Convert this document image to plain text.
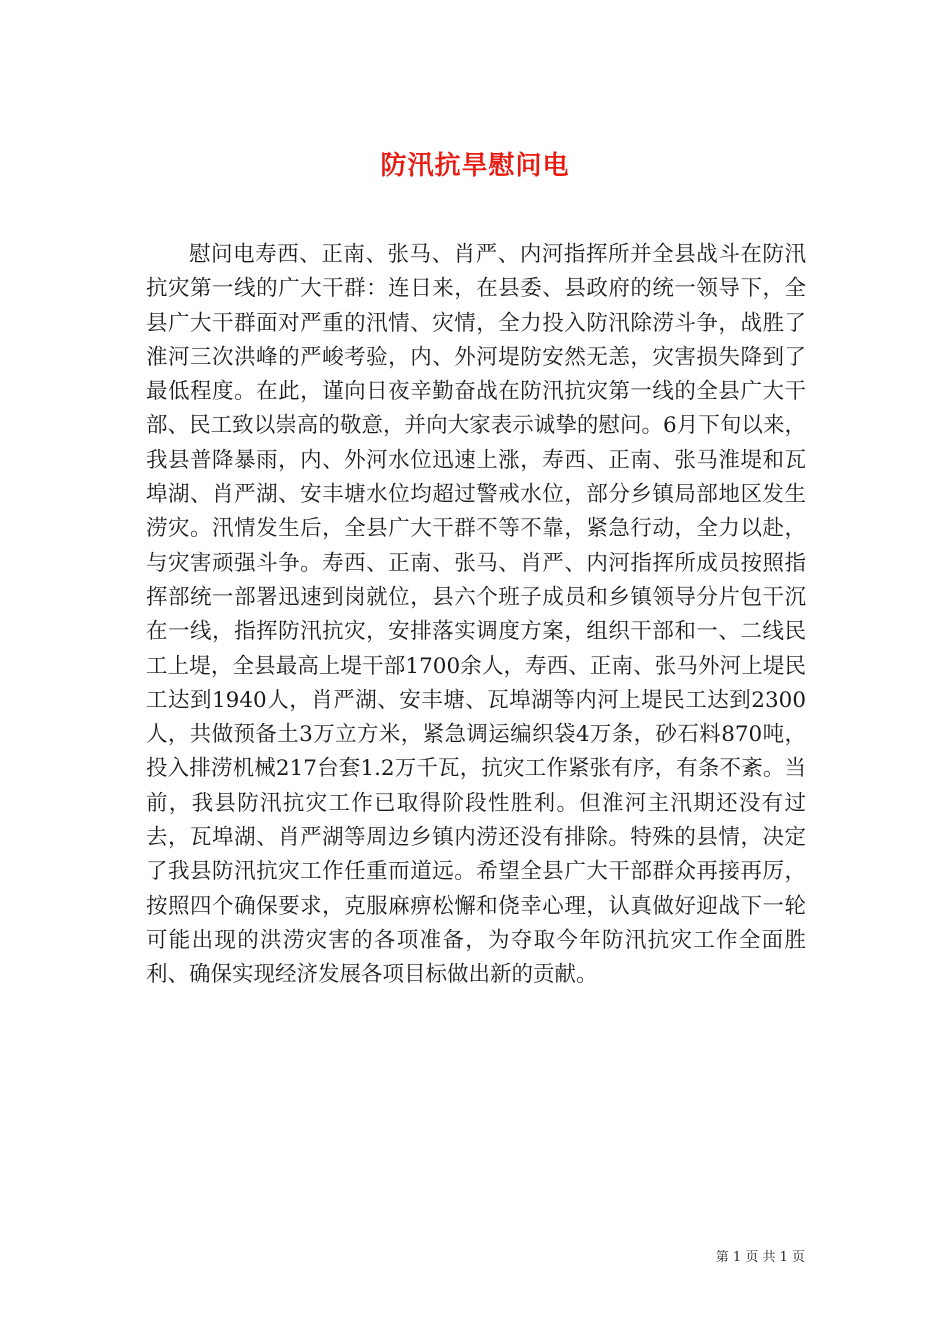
防汛抗旱慰问电

慰问电寿西、正南、张马、肖严、内河指挥所并全县战斗在防汛抗灾第一线的广大干群：连日来，在县委、县政府的统一领导下，全县广大干群面对严重的汛情、灾情，全力投入防汛除涝斗争，战胜了淮河三次洪峰的严峻考验，内、外河堤防安然无恙，灾害损失降到了最低程度。在此，谨向日夜辛勤奋战在防汛抗灾第一线的全县广大干部、民工致以崇高的敬意，并向大家表示诚挚的慰问。6月下旬以来，我县普降暴雨，内、外河水位迅速上涨，寿西、正南、张马淮堤和瓦埠湖、肖严湖、安丰塘水位均超过警戒水位，部分乡镇局部地区发生涝灾。汛情发生后，全县广大干群不等不靠，紧急行动，全力以赴，与灾害顽强斗争。寿西、正南、张马、肖严、内河指挥所成员按照指挥部统一部署迅速到岗就位，县六个班子成员和乡镇领导分片包干沉在一线，指挥防汛抗灾，安排落实调度方案，组织干部和一、二线民工上堤，全县最高上堤干部1700余人，寿西、正南、张马外河上堤民工达到1940人，肖严湖、安丰塘、瓦埠湖等内河上堤民工达到2300人，共做预备土3万立方米，紧急调运编织袋4万条，砂石料870吨，投入排涝机械217台套1.2万千瓦，抗灾工作紧张有序，有条不紊。当前，我县防汛抗灾工作已取得阶段性胜利。但淮河主汛期还没有过去，瓦埠湖、肖严湖等周边乡镇内涝还没有排除。特殊的县情，决定了我县防汛抗灾工作任重而道远。希望全县广大干部群众再接再厉，按照四个确保要求，克服麻痹松懈和侥幸心理，认真做好迎战下一轮可能出现的洪涝灾害的各项准备，为夺取今年防汛抗灾工作全面胜利、确保实现经济发展各项目标做出新的贡献。

第 1 页 共 1 页
